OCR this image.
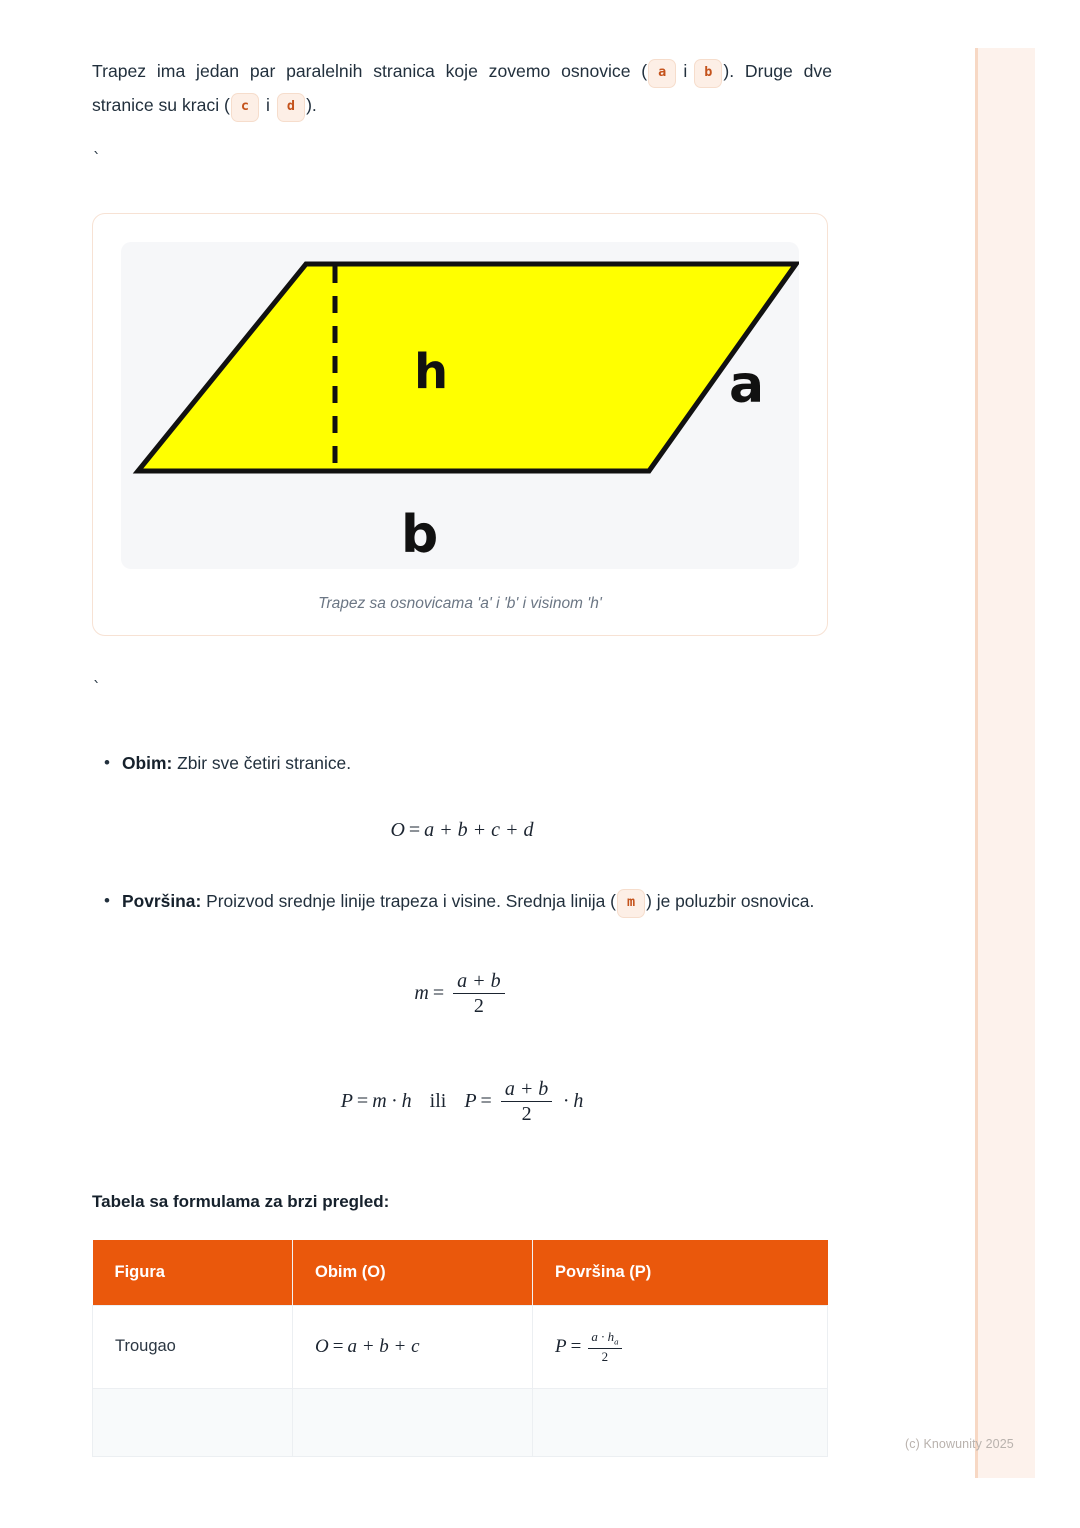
(c) Knowunity 2025

Trapez ima jedan par paralelnih stranica koje zovemo osnovice ( a i b ). Druge dve stranice su kraci ( c i d ).

`
h	a
b
Trapez sa osnovicama 'a' i 'b' i visinom 'h'
`
• Obim: Zbir sve četiri stranice.
O = a + b + c + d
• Površina: Proizvod srednje linije trapeza i visine. Srednja linija ( m ) je poluzbir osnovica.
$m = \frac{a + b}{2}$
P = m · h ili $P = \frac{a + b}{2} \cdot h$
Tabela sa formulama za brzi pregled:
Figura	Obim (O)	Površina (P)
Trougao	O = a + b + c	$P = \frac{a \cdot h_a}{2}$
